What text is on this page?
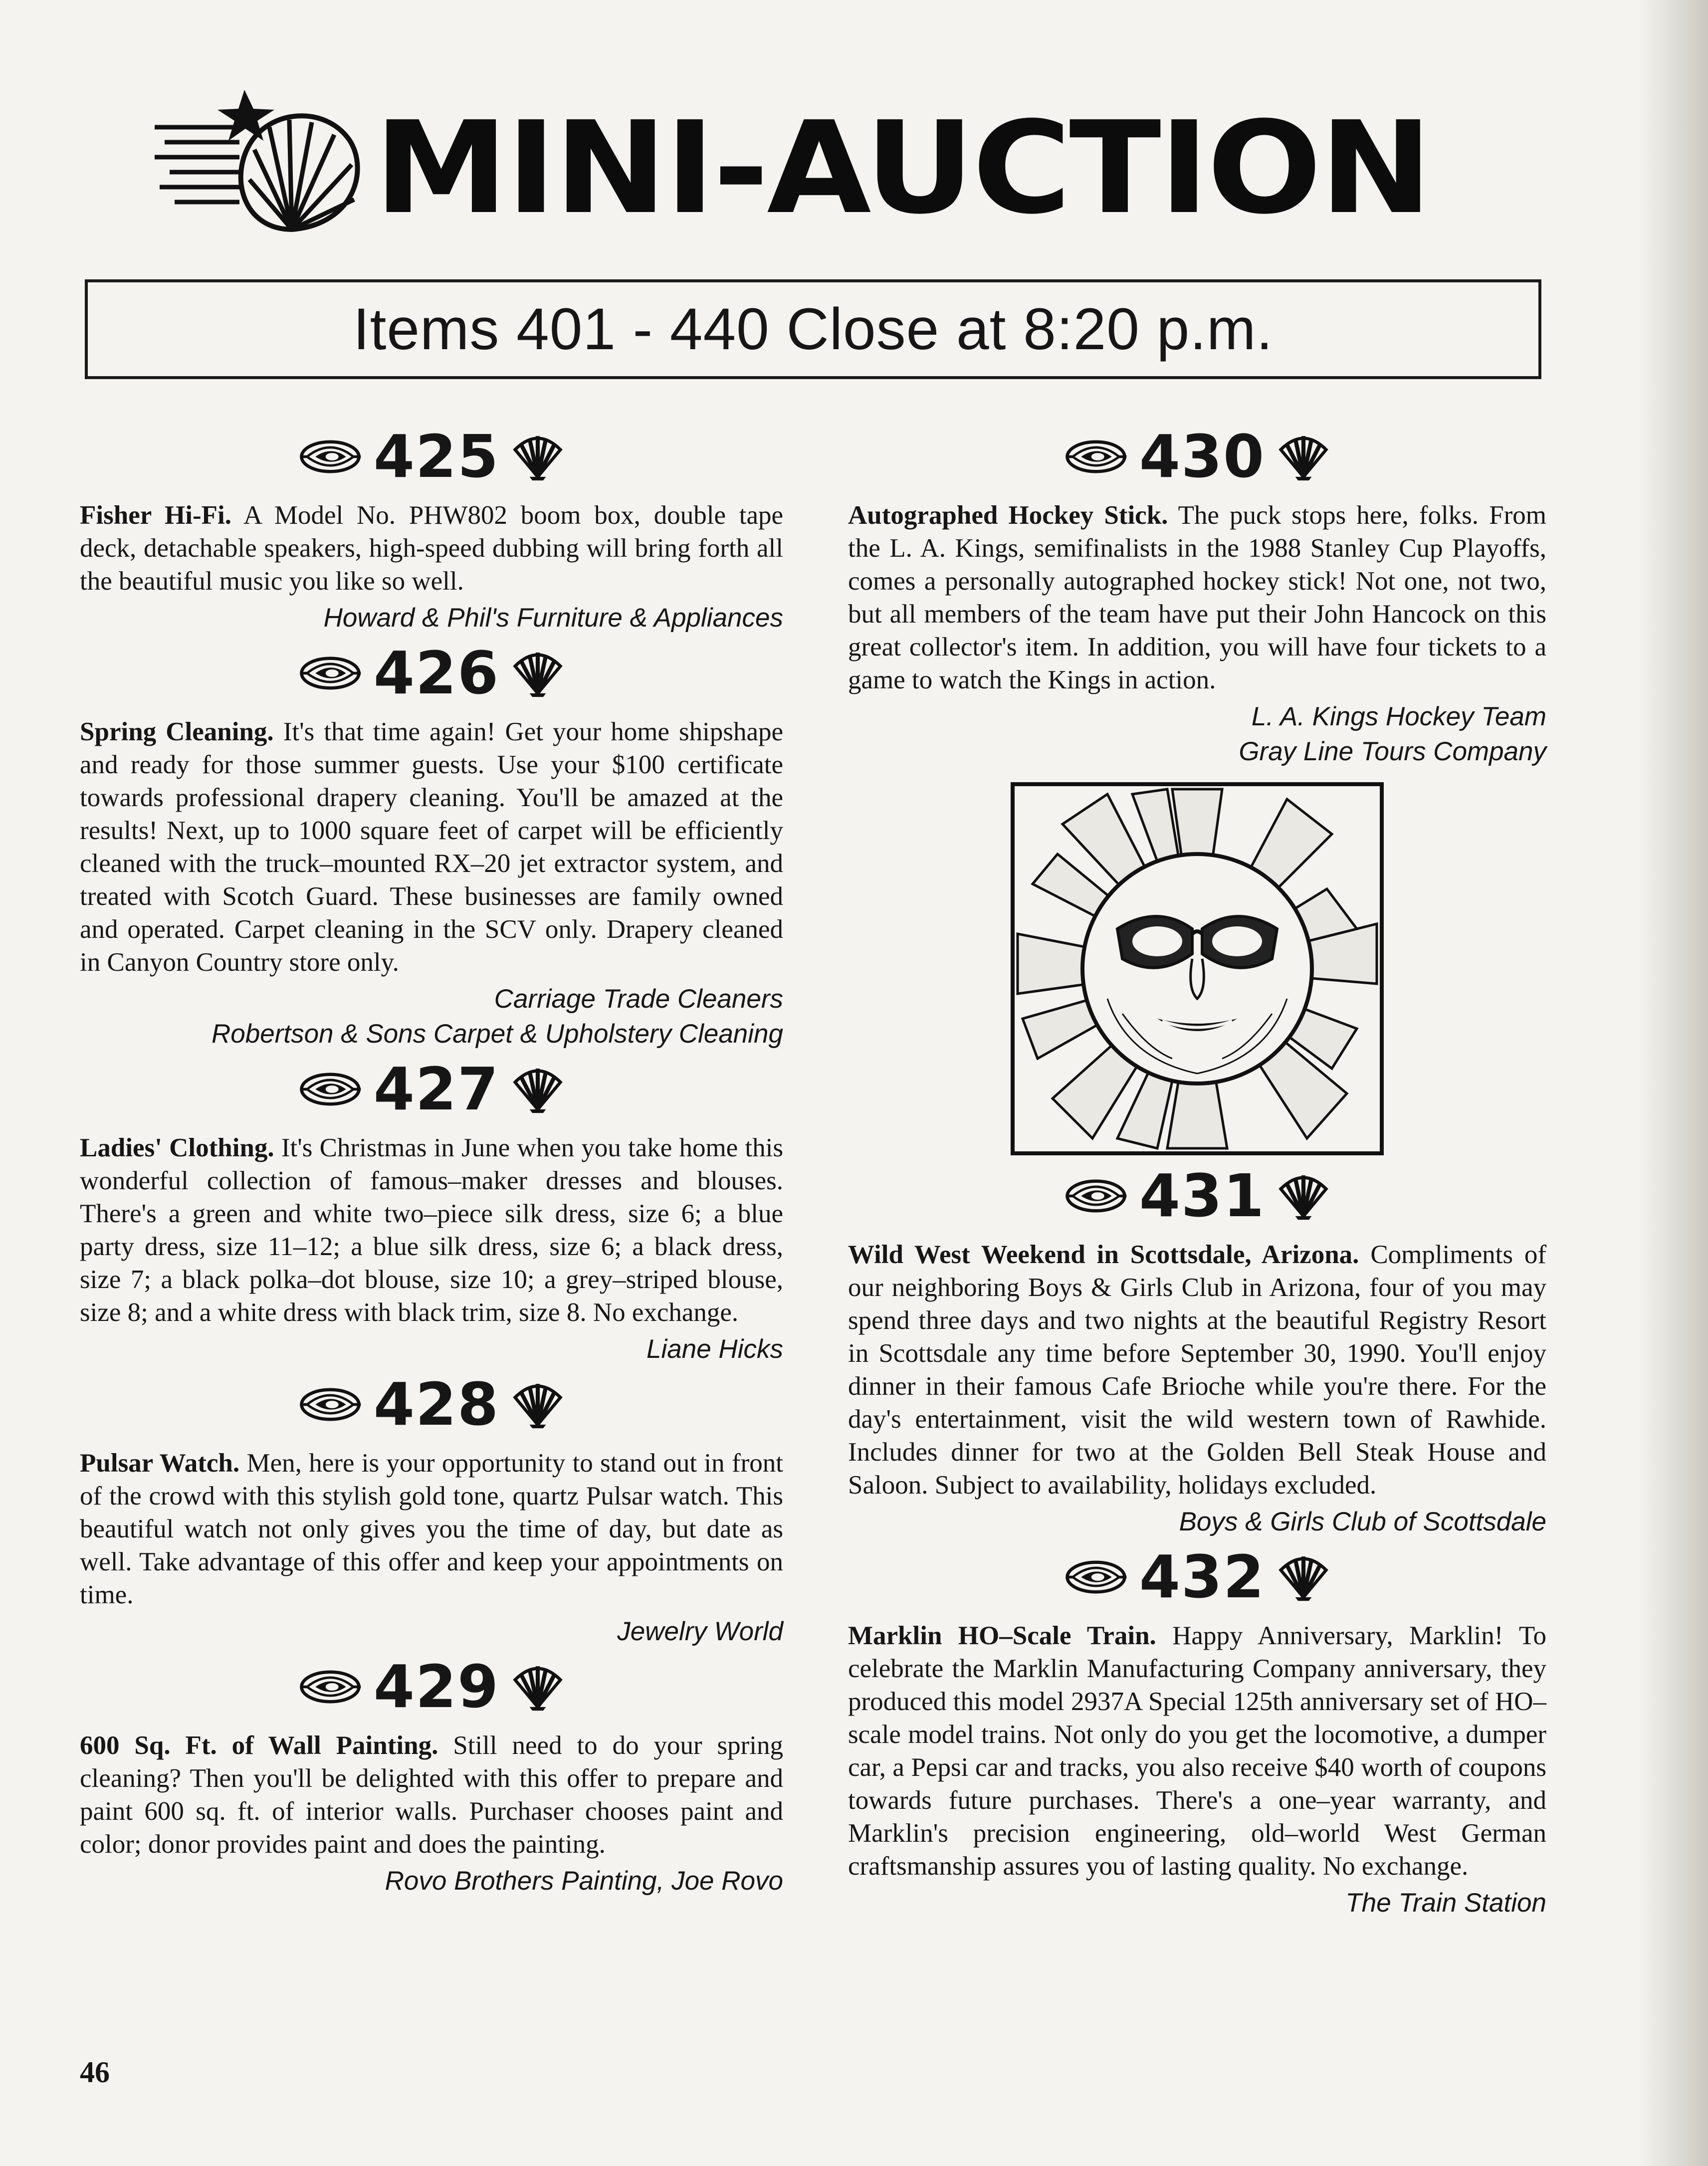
MINI-AUCTION
Items 401 - 440 Close at 8:20 p.m.
425

Fisher Hi-Fi. A Model No. PHW802 boom box, double tape deck, detachable speakers, high-speed dubbing will bring forth all the beautiful music you like so well.

Howard & Phil's Furniture & Appliances

426

Spring Cleaning. It's that time again! Get your home shipshape and ready for those summer guests. Use your $100 certificate towards professional drapery cleaning. You'll be amazed at the results! Next, up to 1000 square feet of carpet will be efficiently cleaned with the truck–mounted RX–20 jet extractor system, and treated with Scotch Guard. These businesses are family owned and operated. Carpet cleaning in the SCV only. Drapery cleaned in Canyon Country store only.

Carriage Trade Cleaners

Robertson & Sons Carpet & Upholstery Cleaning

427

Ladies' Clothing. It's Christmas in June when you take home this wonderful collection of famous–maker dresses and blouses. There's a green and white two–piece silk dress, size 6; a blue party dress, size 11–12; a blue silk dress, size 6; a black dress, size 7; a black polka–dot blouse, size 10; a grey–striped blouse, size 8; and a white dress with black trim, size 8. No exchange.

Liane Hicks

428

Pulsar Watch. Men, here is your opportunity to stand out in front of the crowd with this stylish gold tone, quartz Pulsar watch. This beautiful watch not only gives you the time of day, but date as well. Take advantage of this offer and keep your appointments on time.

Jewelry World

429

600 Sq. Ft. of Wall Painting. Still need to do your spring cleaning? Then you'll be delighted with this offer to prepare and paint 600 sq. ft. of interior walls. Purchaser chooses paint and color; donor provides paint and does the painting.

Rovo Brothers Painting, Joe Rovo

430

Autographed Hockey Stick. The puck stops here, folks. From the L. A. Kings, semifinalists in the 1988 Stanley Cup Playoffs, comes a personally autographed hockey stick! Not one, not two, but all members of the team have put their John Hancock on this great collector's item. In addition, you will have four tickets to a game to watch the Kings in action.

L. A. Kings Hockey Team

Gray Line Tours Company

431

Wild West Weekend in Scottsdale, Arizona. Compliments of our neighboring Boys & Girls Club in Arizona, four of you may spend three days and two nights at the beautiful Registry Resort in Scottsdale any time before September 30, 1990. You'll enjoy dinner in their famous Cafe Brioche while you're there. For the day's entertainment, visit the wild western town of Rawhide. Includes dinner for two at the Golden Bell Steak House and Saloon. Subject to availability, holidays excluded.

Boys & Girls Club of Scottsdale

432

Marklin HO–Scale Train. Happy Anniversary, Marklin! To celebrate the Marklin Manufacturing Company anniversary, they produced this model 2937A Special 125th anniversary set of HO–scale model trains. Not only do you get the locomotive, a dumper car, a Pepsi car and tracks, you also receive $40 worth of coupons towards future purchases. There's a one–year warranty, and Marklin's precision engineering, old–world West German craftsmanship assures you of lasting quality. No exchange.

The Train Station

46
